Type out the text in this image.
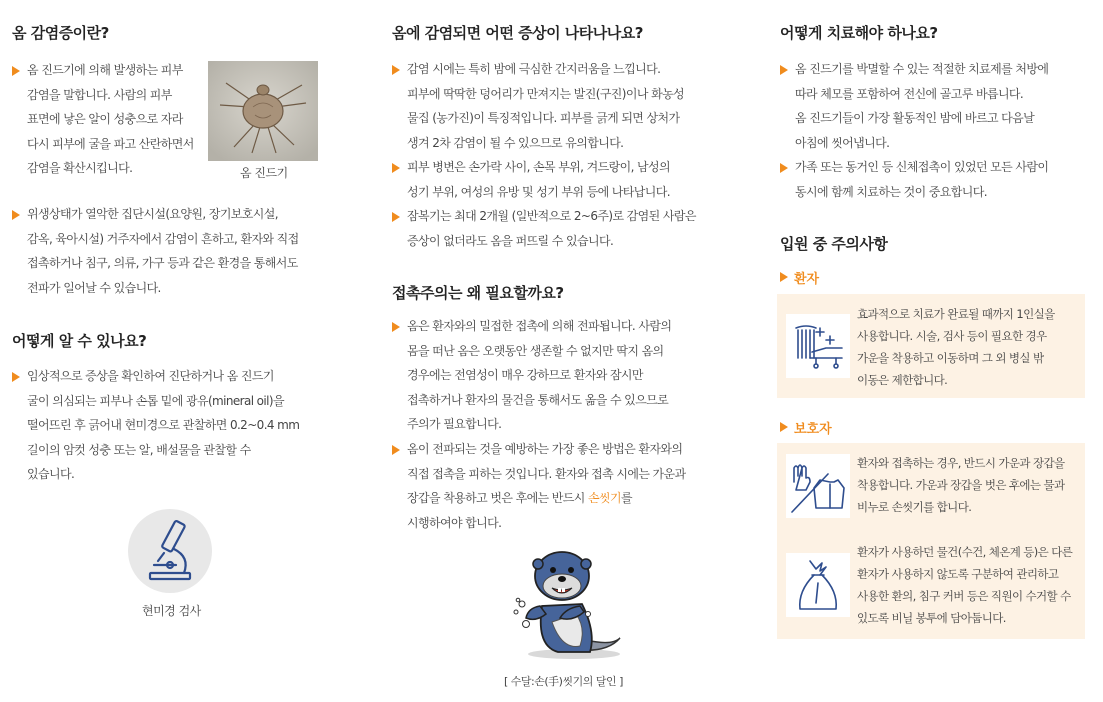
옴 감염증이란?
옴 진드기에 의해 발생하는 피부
감염을 말합니다. 사람의 피부
표면에 낳은 알이 성충으로 자라
다시 피부에 굴을 파고 산란하면서
감염을 확산시킵니다.	옴 진드기
위생상태가 열악한 집단시설(요양원, 장기보호시설,
감옥, 육아시설) 거주자에서 감염이 흔하고, 환자와 직접
접촉하거나 침구, 의류, 가구 등과 같은 환경을 통해서도
전파가 일어날 수 있습니다.
어떻게 알 수 있나요?
임상적으로 증상을 확인하여 진단하거나 옴 진드기
굴이 의심되는 피부나 손톱 밑에 광유(mineral oil)을
떨어뜨린 후 긁어내 현미경으로 관찰하면 0.2~0.4 mm
길이의 암컷 성충 또는 알, 배설물을 관찰할 수
있습니다.
현미경 검사
옴에 감염되면 어떤 증상이 나타나나요?
감염 시에는 특히 밤에 극심한 간지러움을 느낍니다.
피부에 딱딱한 덩어리가 만져지는 발진(구진)이나 화농성
물집 (농가진)이 특징적입니다. 피부를 긁게 되면 상처가
생겨 2차 감염이 될 수 있으므로 유의합니다.
피부 병변은 손가락 사이, 손목 부위, 겨드랑이, 남성의
성기 부위, 여성의 유방 및 성기 부위 등에 나타납니다.
잠복기는 최대 2개월 (일반적으로 2~6주)로 감염된 사람은
증상이 없더라도 옴을 퍼뜨릴 수 있습니다.
접촉주의는 왜 필요할까요?
옴은 환자와의 밀접한 접촉에 의해 전파됩니다. 사람의
몸을 떠난 옴은 오랫동안 생존할 수 없지만 딱지 옴의
경우에는 전염성이 매우 강하므로 환자와 잠시만
접촉하거나 환자의 물건을 통해서도 옮을 수 있으므로
주의가 필요합니다.
옴이 전파되는 것을 예방하는 가장 좋은 방법은 환자와의
직접 접촉을 피하는 것입니다. 환자와 접촉 시에는 가운과
장갑을 착용하고 벗은 후에는 반드시 손씻기를
시행하여야 합니다.
[ 수달:손(手)씻기의 달인 ]
어떻게 치료해야 하나요?
옴 진드기를 박멸할 수 있는 적절한 치료제를 처방에
따라 체모를 포함하여 전신에 골고루 바릅니다.
옴 진드기들이 가장 활동적인 밤에 바르고 다음날
아침에 씻어냅니다.
가족 또는 동거인 등 신체접촉이 있었던 모든 사람이
동시에 함께 치료하는 것이 중요합니다.
입원 중 주의사항
환자
효과적으로 치료가 완료될 때까지 1인실을
사용합니다. 시술, 검사 등이 필요한 경우
가운을 착용하고 이동하며 그 외 병실 밖
이동은 제한합니다.
보호자
환자와 접촉하는 경우, 반드시 가운과 장갑을
착용합니다. 가운과 장갑을 벗은 후에는 물과
비누로 손씻기를 합니다.
환자가 사용하던 물건(수건, 체온계 등)은 다른
환자가 사용하지 않도록 구분하여 관리하고
사용한 환의, 침구 커버 등은 직원이 수거할 수
있도록 비닐 봉투에 담아둡니다.
